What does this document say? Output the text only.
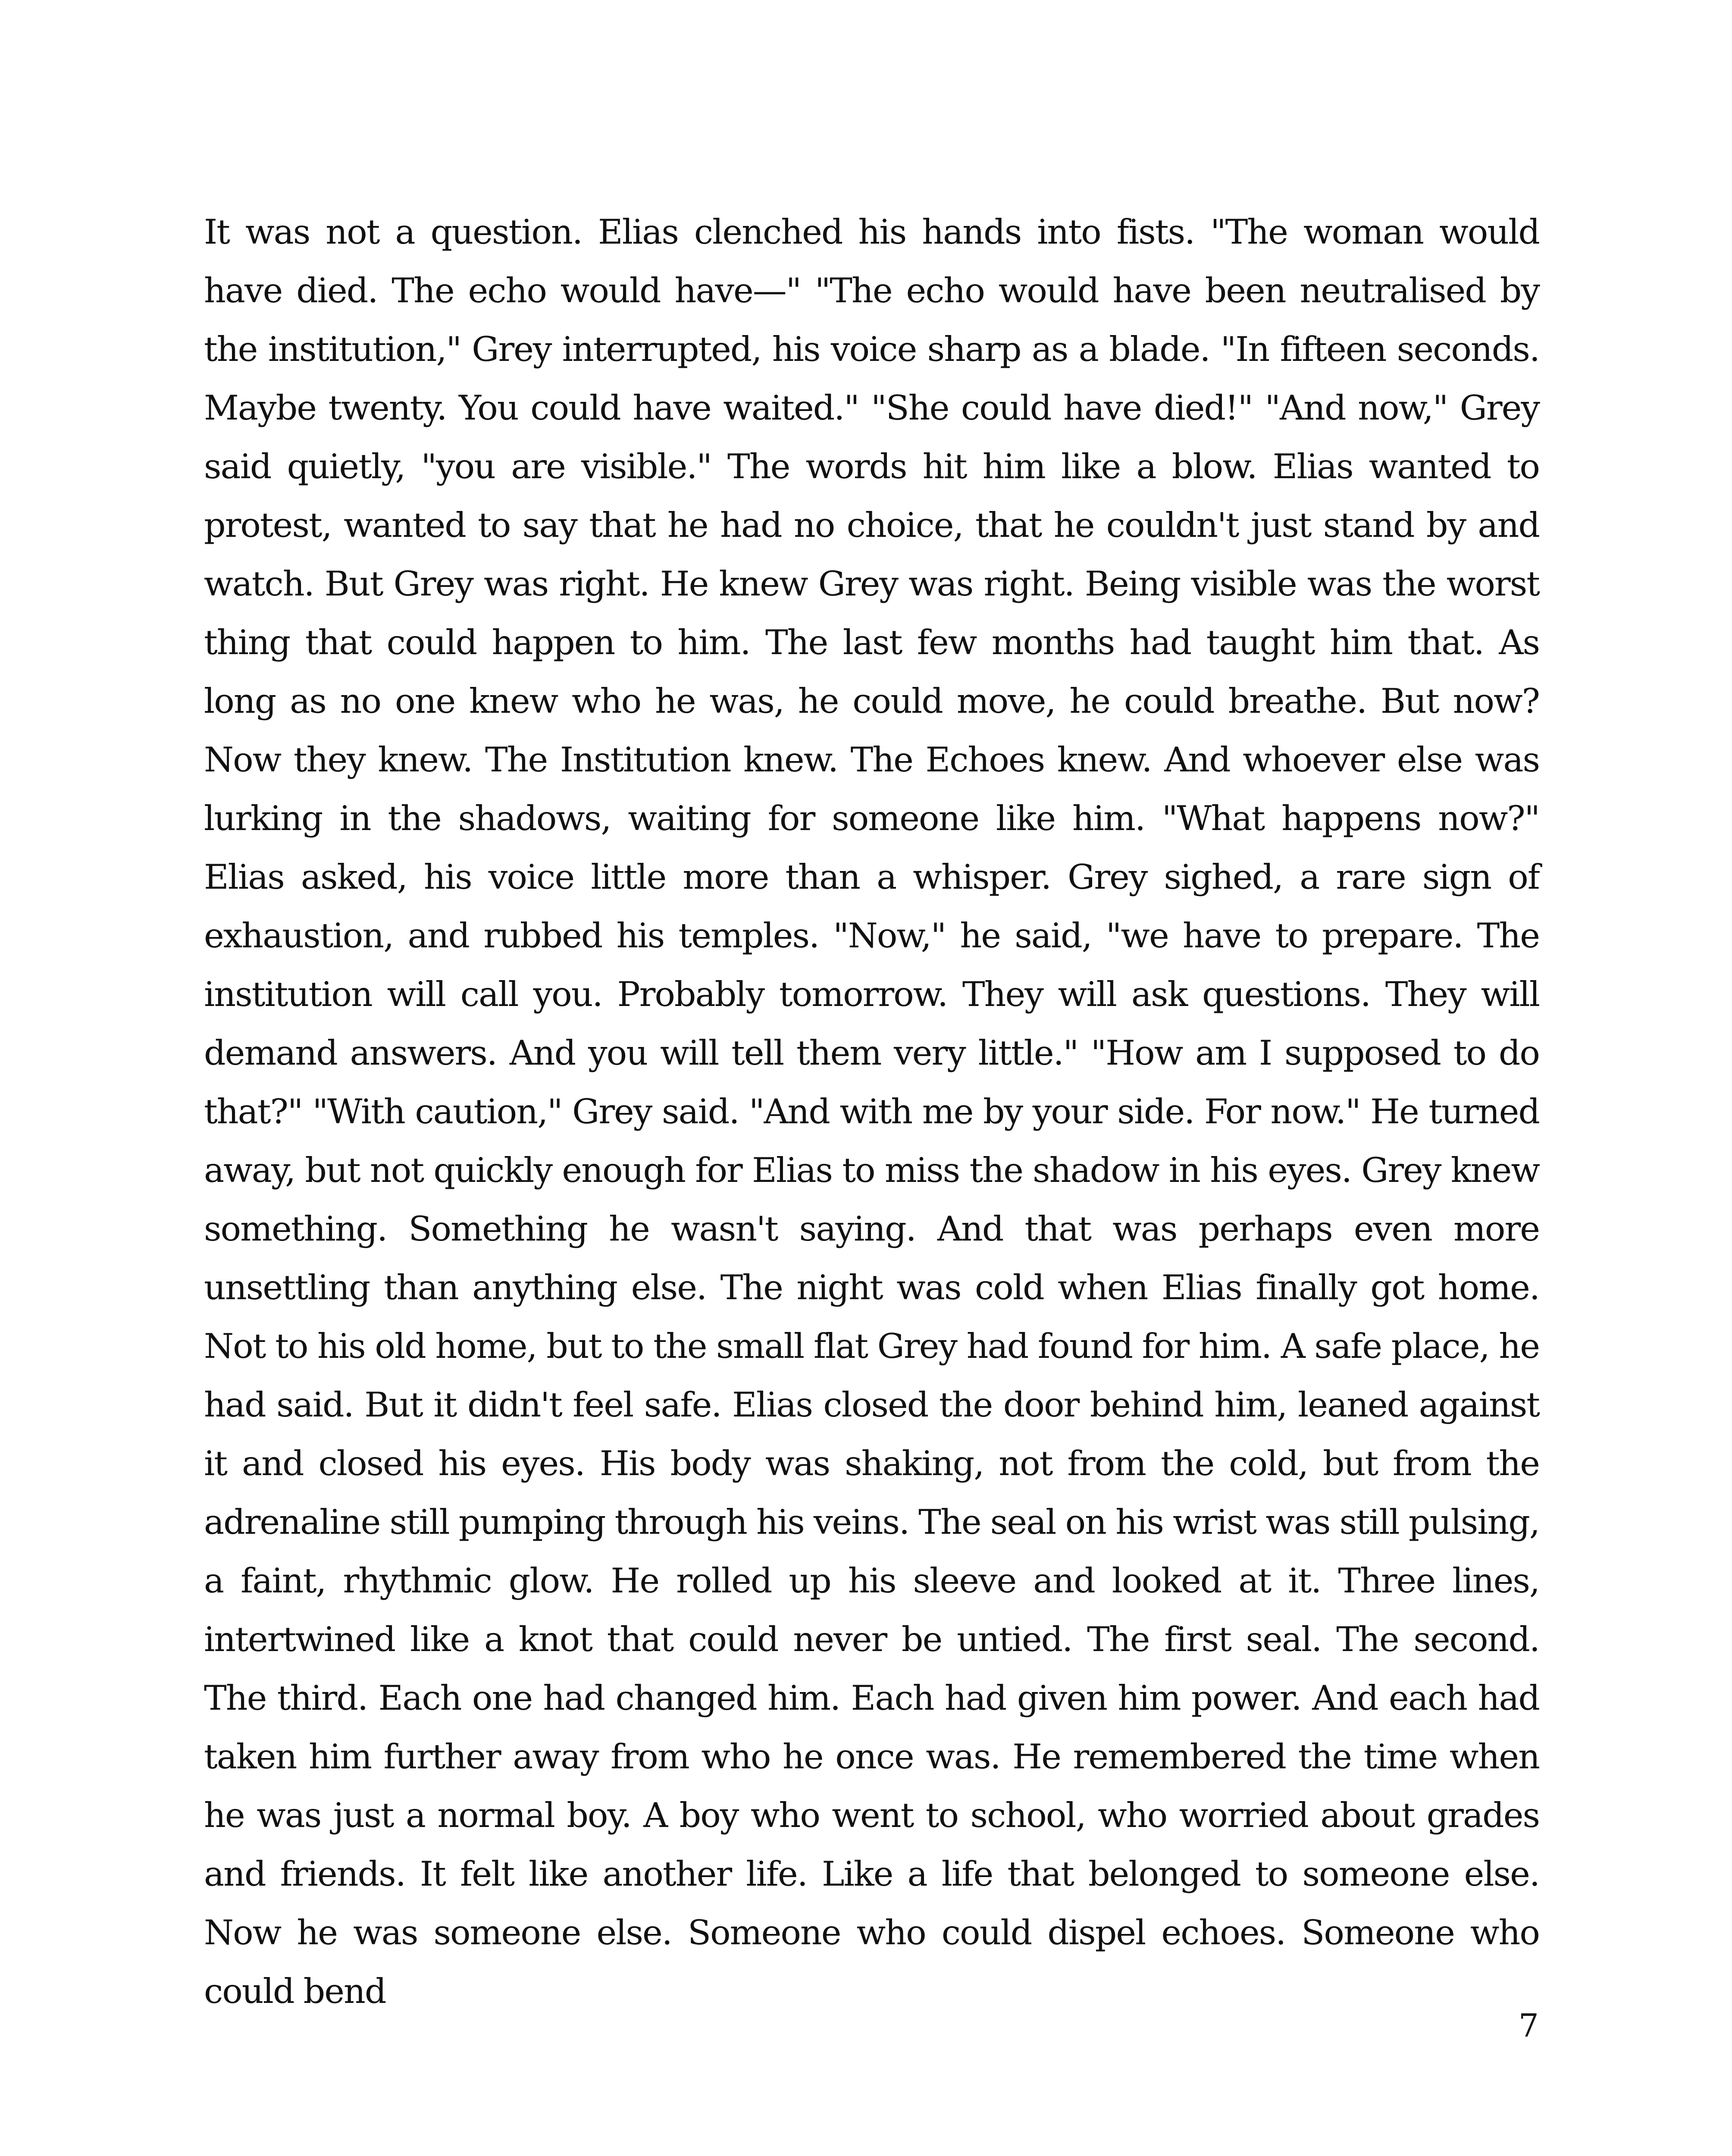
It was not a question. Elias clenched his hands into fists. "The woman would have died. The echo would have—" "The echo would have been neutralised by the institution," Grey interrupted, his voice sharp as a blade. "In fifteen seconds. Maybe twenty. You could have waited." "She could have died!" "And now," Grey said quietly, "you are visible." The words hit him like a blow. Elias wanted to protest, wanted to say that he had no choice, that he couldn't just stand by and watch. But Grey was right. He knew Grey was right. Being visible was the worst thing that could happen to him. The last few months had taught him that. As long as no one knew who he was, he could move, he could breathe. But now? Now they knew. The Institution knew. The Echoes knew. And whoever else was lurking in the shadows, waiting for someone like him. "What happens now?" Elias asked, his voice little more than a whisper. Grey sighed, a rare sign of exhaustion, and rubbed his temples. "Now," he said, "we have to prepare. The institution will call you. Probably tomorrow. They will ask questions. They will demand answers. And you will tell them very little." "How am I supposed to do that?" "With caution," Grey said. "And with me by your side. For now." He turned away, but not quickly enough for Elias to miss the shadow in his eyes. Grey knew something. Something he wasn't saying. And that was perhaps even more unsettling than anything else. The night was cold when Elias finally got home. Not to his old home, but to the small flat Grey had found for him. A safe place, he had said. But it didn't feel safe. Elias closed the door behind him, leaned against it and closed his eyes. His body was shaking, not from the cold, but from the adrenaline still pumping through his veins. The seal on his wrist was still pulsing, a faint, rhythmic glow. He rolled up his sleeve and looked at it. Three lines, intertwined like a knot that could never be untied. The first seal. The second. The third. Each one had changed him. Each had given him power. And each had taken him further away from who he once was. He remembered the time when he was just a normal boy. A boy who went to school, who worried about grades and friends. It felt like another life. Like a life that belonged to someone else. Now he was someone else. Someone who could dispel echoes. Someone who could bend

7
